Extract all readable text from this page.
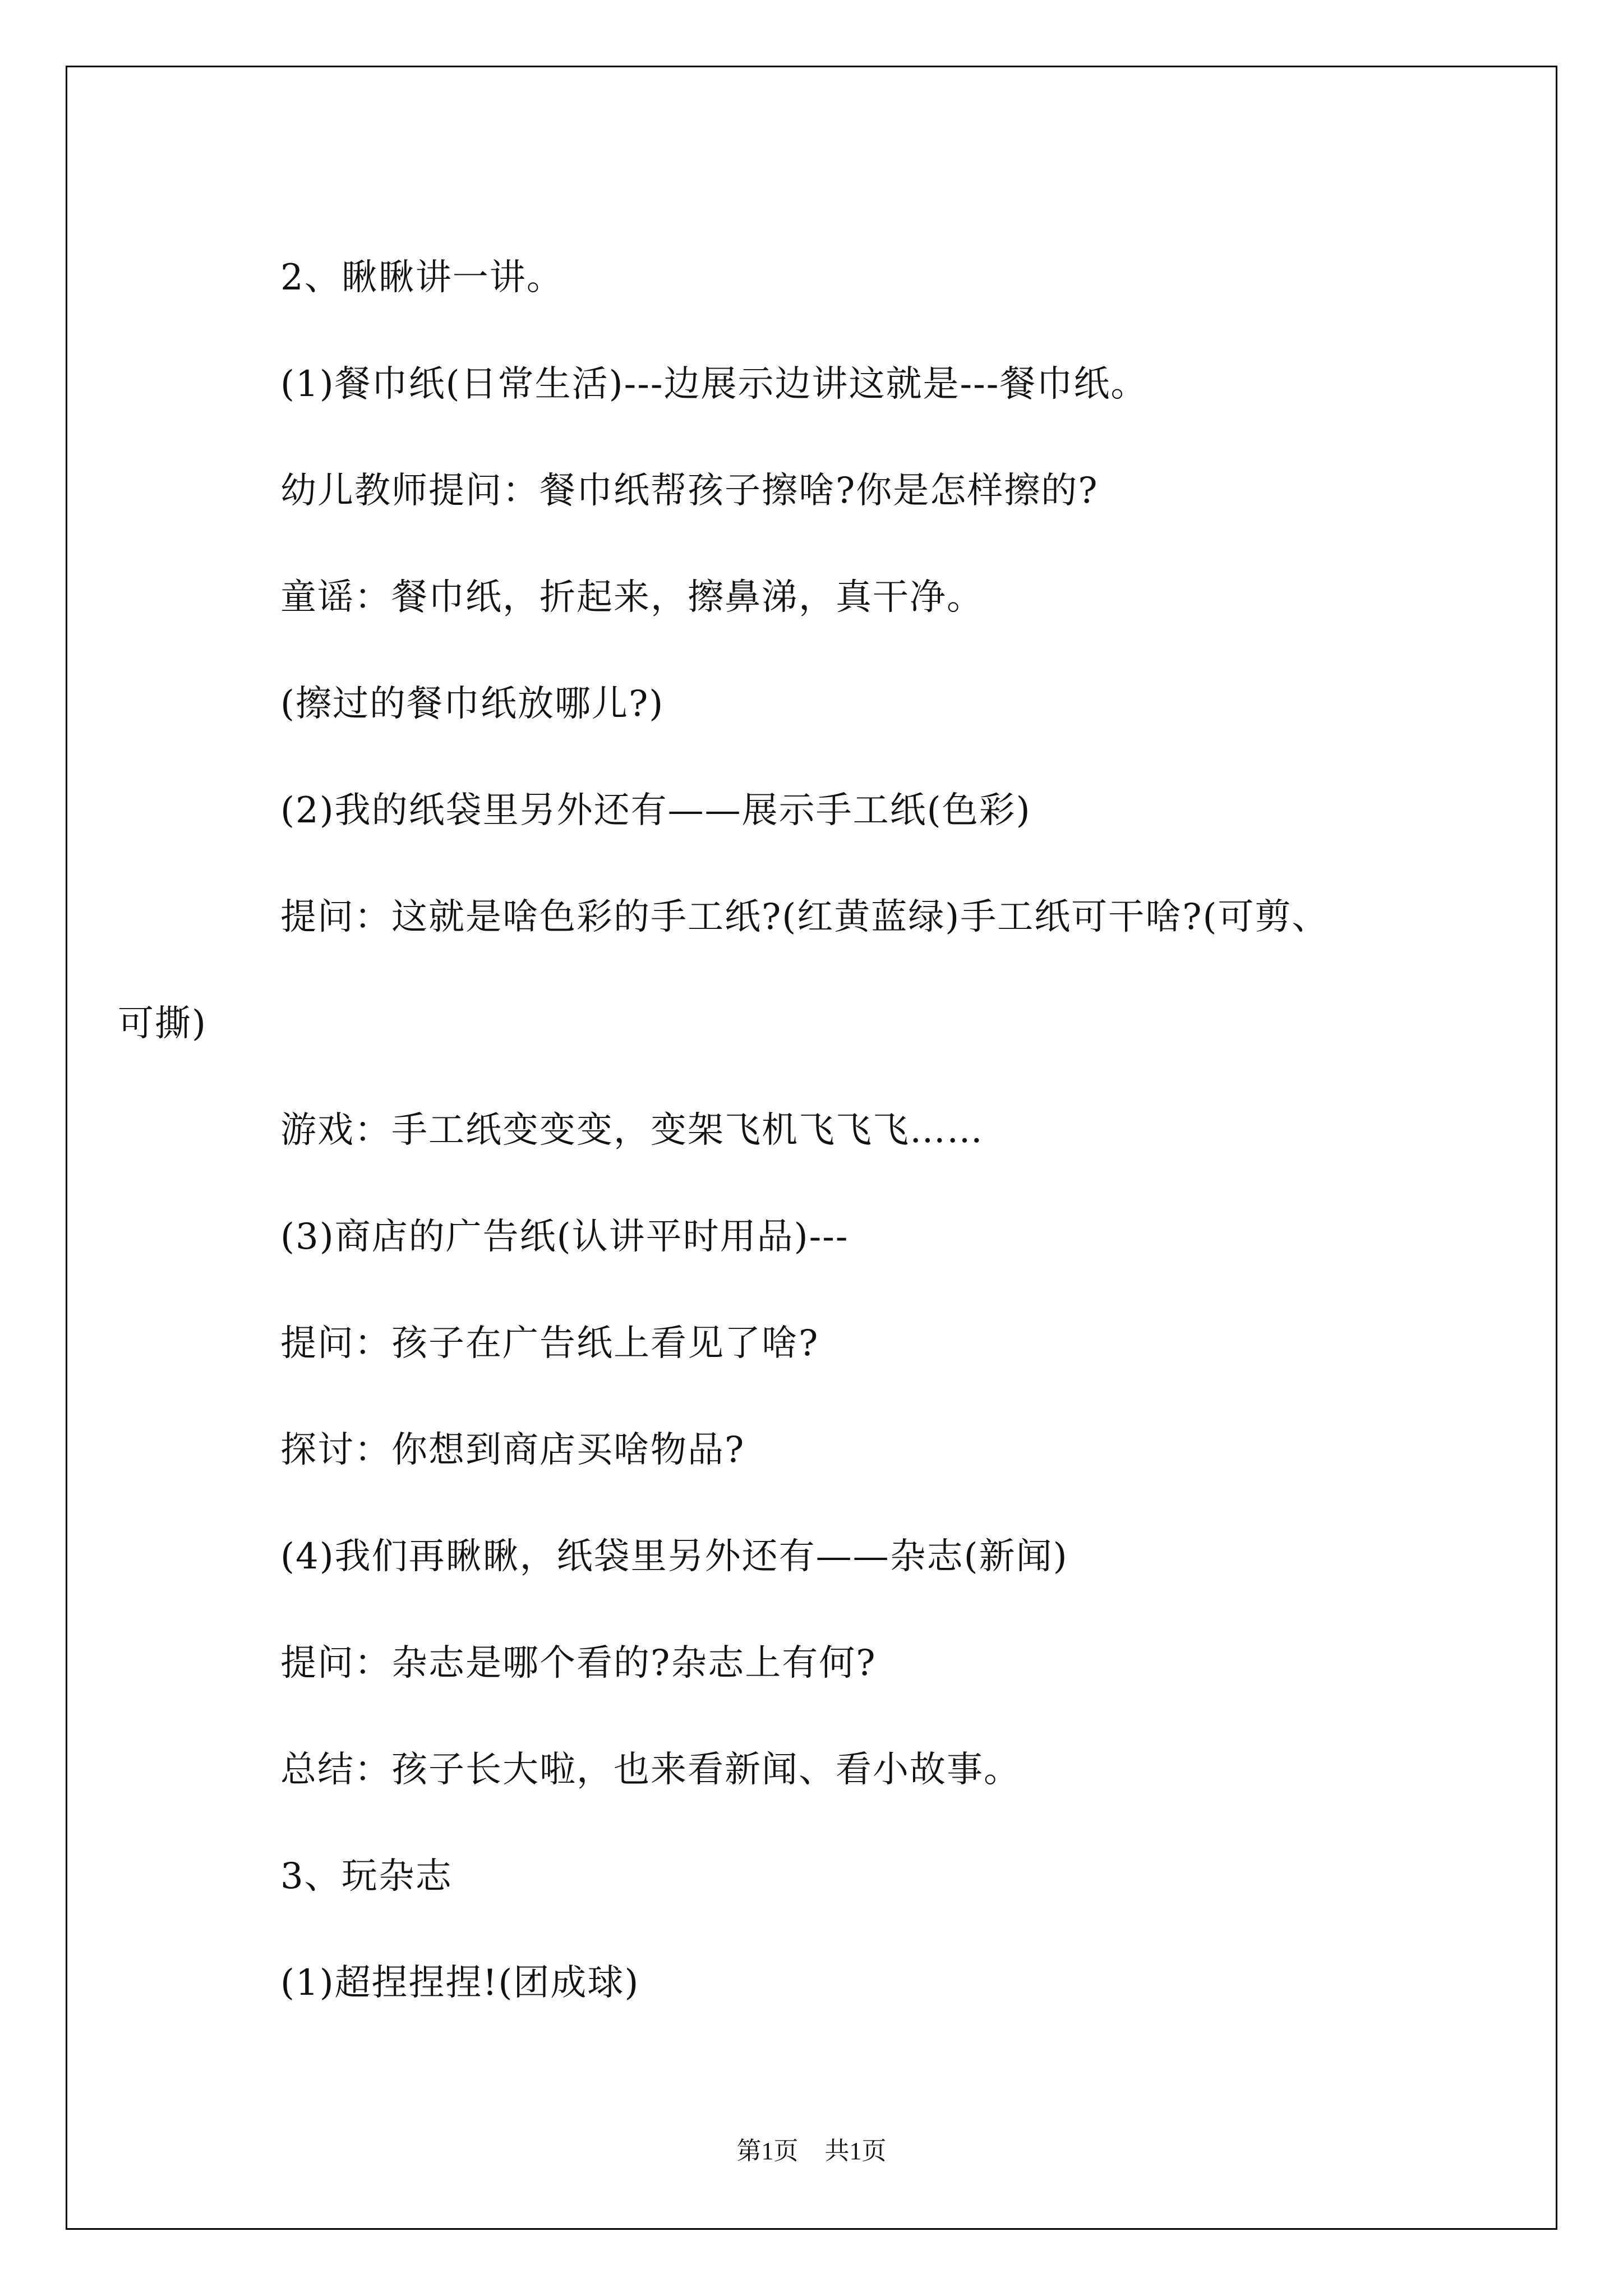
2、瞅瞅讲一讲。

(1)餐巾纸(日常生活)---边展示边讲这就是---餐巾纸。

幼儿教师提问：餐巾纸帮孩子擦啥?你是怎样擦的?

童谣：餐巾纸，折起来，擦鼻涕，真干净。

(擦过的餐巾纸放哪儿?)

(2)我的纸袋里另外还有——展示手工纸(色彩)

提问：这就是啥色彩的手工纸?(红黄蓝绿)手工纸可干啥?(可剪、

可撕)

游戏：手工纸变变变，变架飞机飞飞飞……

(3)商店的广告纸(认讲平时用品)---

提问：孩子在广告纸上看见了啥?

探讨：你想到商店买啥物品?

(4)我们再瞅瞅，纸袋里另外还有——杂志(新闻)

提问：杂志是哪个看的?杂志上有何?

总结：孩子长大啦，也来看新闻、看小故事。

3、玩杂志

(1)超捏捏捏!(团成球)

第1页 共1页
